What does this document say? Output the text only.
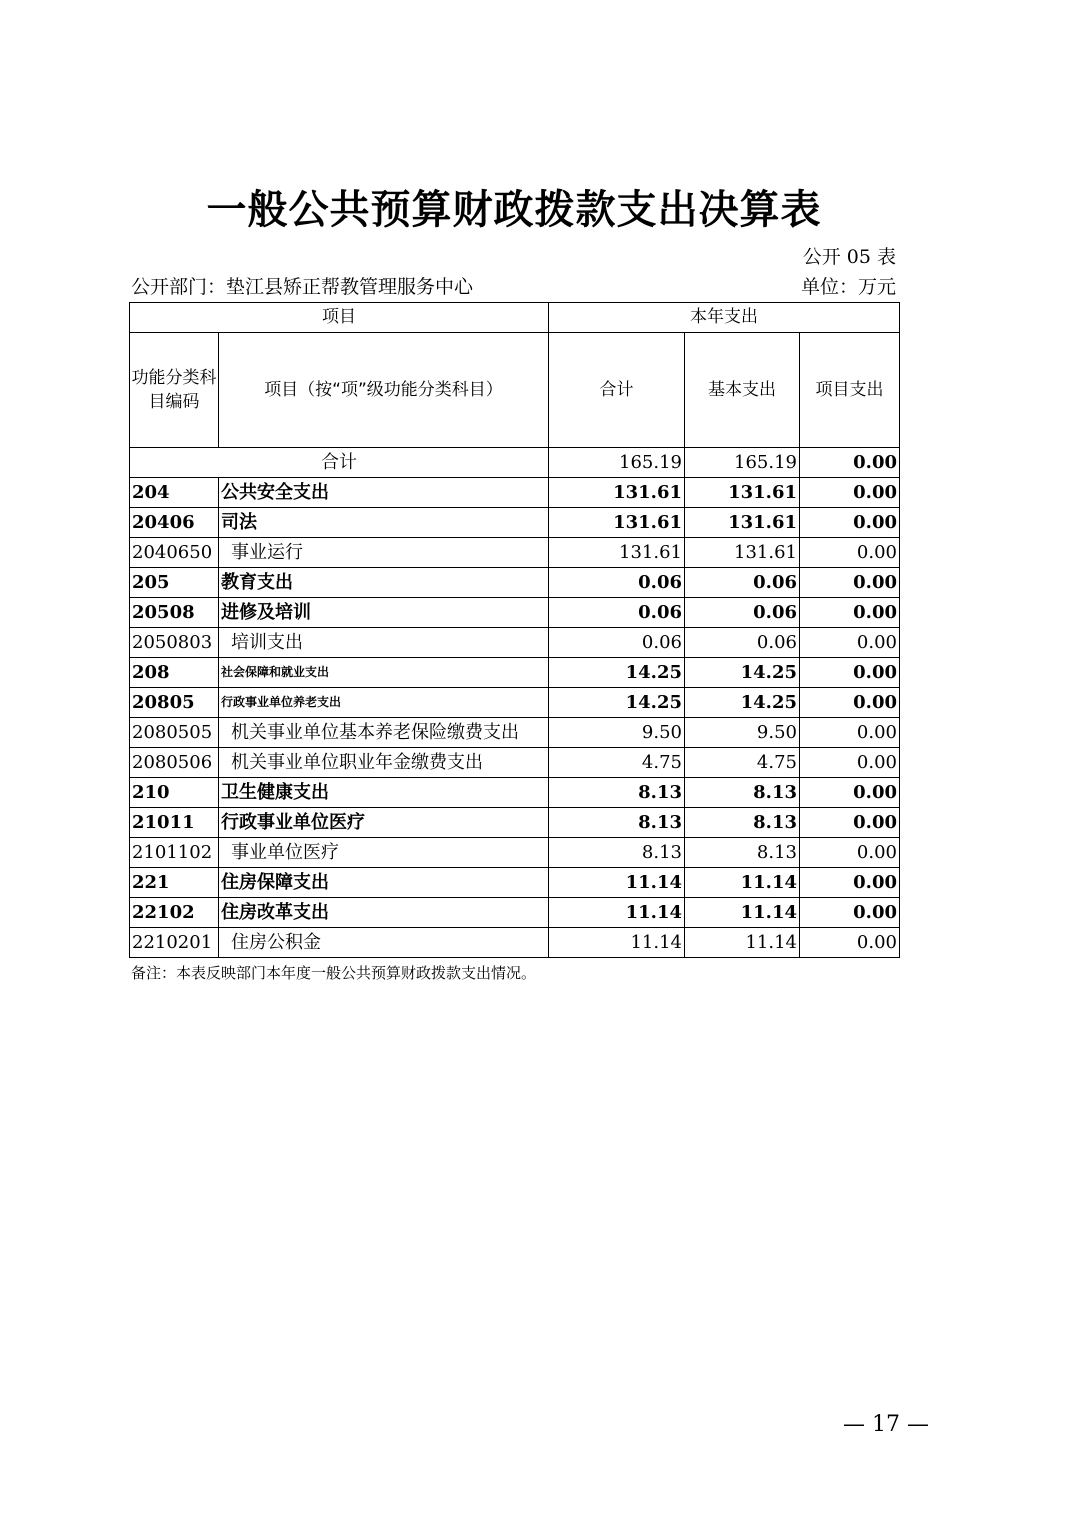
一般公共预算财政拨款支出决算表
公开 05 表
公开部门：垫江县矫正帮教管理服务中心	单位：万元
项目		本年支出		
功能分类科目编码	项目（按“项”级功能分类科目）	合计	基本支出	项目支出
合计		165.19	165.19	0.00
204	公共安全支出	131.61	131.61	0.00
20406	司法	131.61	131.61	0.00
2040650	事业运行	131.61	131.61	0.00
205	教育支出	0.06	0.06	0.00
20508	进修及培训	0.06	0.06	0.00
2050803	培训支出	0.06	0.06	0.00
208	社会保障和就业支出	14.25	14.25	0.00
20805	行政事业单位养老支出	14.25	14.25	0.00
2080505	机关事业单位基本养老保险缴费支出	9.50	9.50	0.00
2080506	机关事业单位职业年金缴费支出	4.75	4.75	0.00
210	卫生健康支出	8.13	8.13	0.00
21011	行政事业单位医疗	8.13	8.13	0.00
2101102	事业单位医疗	8.13	8.13	0.00
221	住房保障支出	11.14	11.14	0.00
22102	住房改革支出	11.14	11.14	0.00
2210201	住房公积金	11.14	11.14	0.00
备注：本表反映部门本年度一般公共预算财政拨款支出情况。
— 17 —
